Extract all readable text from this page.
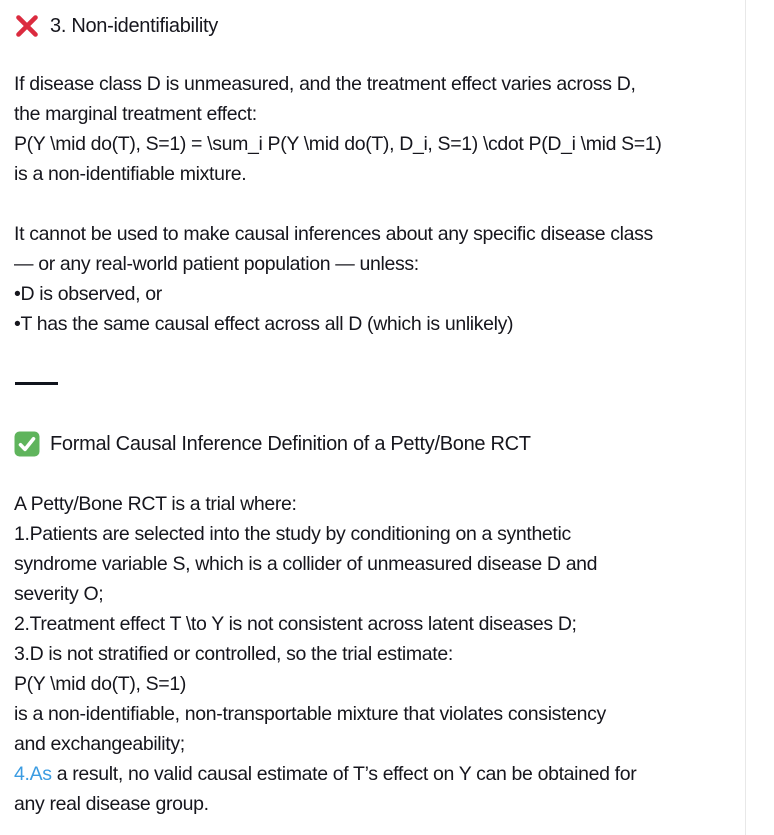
3. Non-identifiability
If disease class D is unmeasured, and the treatment effect varies across D,
the marginal treatment effect:
P(Y \mid do(T), S=1) = \sum_i P(Y \mid do(T), D_i, S=1) \cdot P(D_i \mid S=1)
is a non-identifiable mixture.
It cannot be used to make causal inferences about any specific disease class
— or any real-world patient population — unless:
•D is observed, or
•T has the same causal effect across all D (which is unlikely)
Formal Causal Inference Definition of a Petty/Bone RCT
A Petty/Bone RCT is a trial where:
1.Patients are selected into the study by conditioning on a synthetic
syndrome variable S, which is a collider of unmeasured disease D and
severity O;
2.Treatment effect T \to Y is not consistent across latent diseases D;
3.D is not stratified or controlled, so the trial estimate:
P(Y \mid do(T), S=1)
is a non-identifiable, non-transportable mixture that violates consistency
and exchangeability;
4.As a result, no valid causal estimate of T’s effect on Y can be obtained for
any real disease group.
